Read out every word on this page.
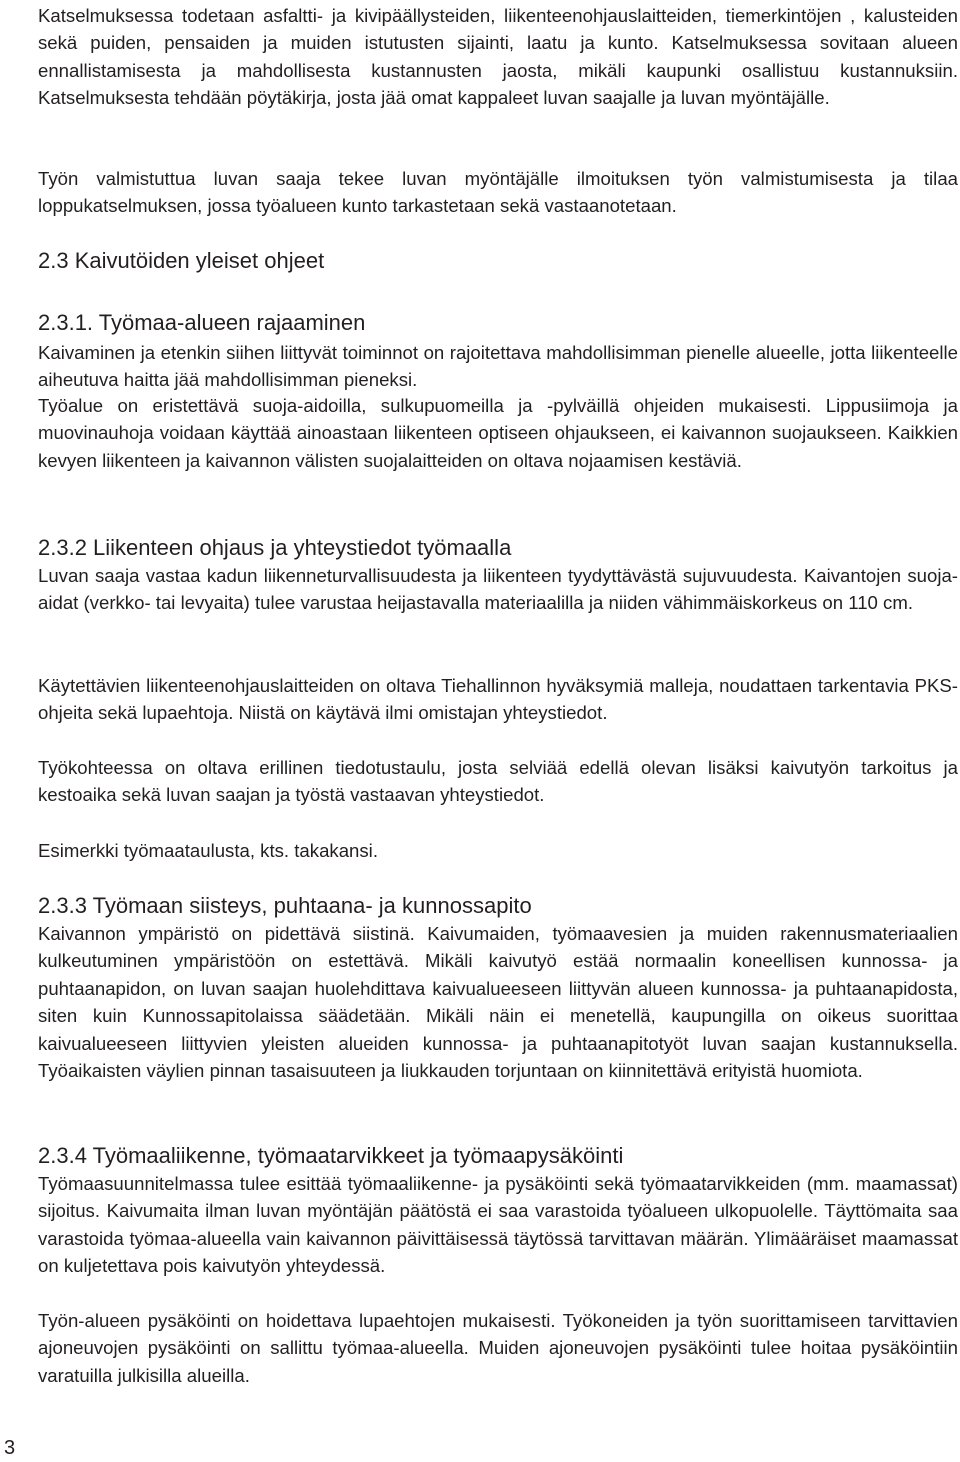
Katselmuksessa todetaan asfaltti- ja kivipäällysteiden, liikenteenohjauslaitteiden, tiemerkintöjen , kalusteiden sekä puiden, pensaiden ja muiden istutusten sijainti, laatu ja kunto. Katselmuksessa sovitaan alueen ennallistamisesta ja mahdollisesta kustannusten jaosta, mikäli kaupunki osallistuu kustannuksiin. Katselmuksesta tehdään pöytäkirja, josta jää omat kappaleet luvan saajalle ja luvan myöntäjälle.

Työn valmistuttua luvan saaja tekee luvan myöntäjälle ilmoituksen työn valmistumisesta ja tilaa loppukatselmuksen, jossa työalueen kunto tarkastetaan sekä vastaanotetaan.

2.3 Kaivutöiden yleiset ohjeet
2.3.1. Työmaa-alueen rajaaminen

Kaivaminen ja etenkin siihen liittyvät toiminnot on rajoitettava mahdollisimman pienelle alueelle, jotta liikenteelle aiheutuva haitta jää mahdollisimman pieneksi.

Työalue on eristettävä suoja-aidoilla, sulkupuomeilla ja -pylväillä ohjeiden mukaisesti. Lippusiimoja ja muovinauhoja voidaan käyttää ainoastaan liikenteen optiseen ohjaukseen, ei kaivannon suojaukseen. Kaikkien kevyen liikenteen ja kaivannon välisten suojalaitteiden on oltava nojaamisen kestäviä.

2.3.2 Liikenteen ohjaus ja yhteystiedot työmaalla

Luvan saaja vastaa kadun liikenneturvallisuudesta ja liikenteen tyydyttävästä sujuvuudesta. Kaivantojen suoja-aidat (verkko- tai levyaita) tulee varustaa heijastavalla materiaalilla ja niiden vähimmäiskorkeus on 110 cm.

Käytettävien liikenteenohjauslaitteiden on oltava Tiehallinnon hyväksymiä malleja, noudattaen tarkentavia PKS-ohjeita sekä lupaehtoja. Niistä on käytävä ilmi omistajan yhteystiedot.

Työkohteessa on oltava erillinen tiedotustaulu, josta selviää edellä olevan lisäksi kaivutyön tarkoitus ja kestoaika sekä luvan saajan ja työstä vastaavan yhteystiedot.

Esimerkki työmaataulusta, kts. takakansi.

2.3.3 Työmaan siisteys, puhtaana- ja kunnossapito

Kaivannon ympäristö on pidettävä siistinä. Kaivumaiden, työmaavesien ja muiden rakennusmateriaalien kulkeutuminen ympäristöön on estettävä. Mikäli kaivutyö estää normaalin koneellisen kunnossa- ja puhtaanapidon, on luvan saajan huolehdittava kaivualueeseen liittyvän alueen kunnossa- ja puhtaanapidosta, siten kuin Kunnossapitolaissa säädetään. Mikäli näin ei menetellä, kaupungilla on oikeus suorittaa kaivualueeseen liittyvien yleisten alueiden kunnossa- ja puhtaanapitotyöt luvan saajan kustannuksella. Työaikaisten väylien pinnan tasaisuuteen ja liukkauden torjuntaan on kiinnitettävä erityistä huomiota.

2.3.4 Työmaaliikenne, työmaatarvikkeet ja työmaapysäköinti

Työmaasuunnitelmassa tulee esittää työmaaliikenne- ja pysäköinti sekä työmaatarvikkeiden (mm. maamassat) sijoitus. Kaivumaita ilman luvan myöntäjän päätöstä ei saa varastoida työalueen ulkopuolelle. Täyttömaita saa varastoida työmaa-alueella vain kaivannon päivittäisessä täytössä tarvittavan määrän. Ylimääräiset maamassat on kuljetettava pois kaivutyön yhteydessä.

Työn-alueen pysäköinti on hoidettava lupaehtojen mukaisesti. Työkoneiden ja työn suorittamiseen tarvittavien ajoneuvojen pysäköinti on sallittu työmaa-alueella. Muiden ajoneuvojen pysäköinti tulee hoitaa pysäköintiin varatuilla julkisilla alueilla.

3
